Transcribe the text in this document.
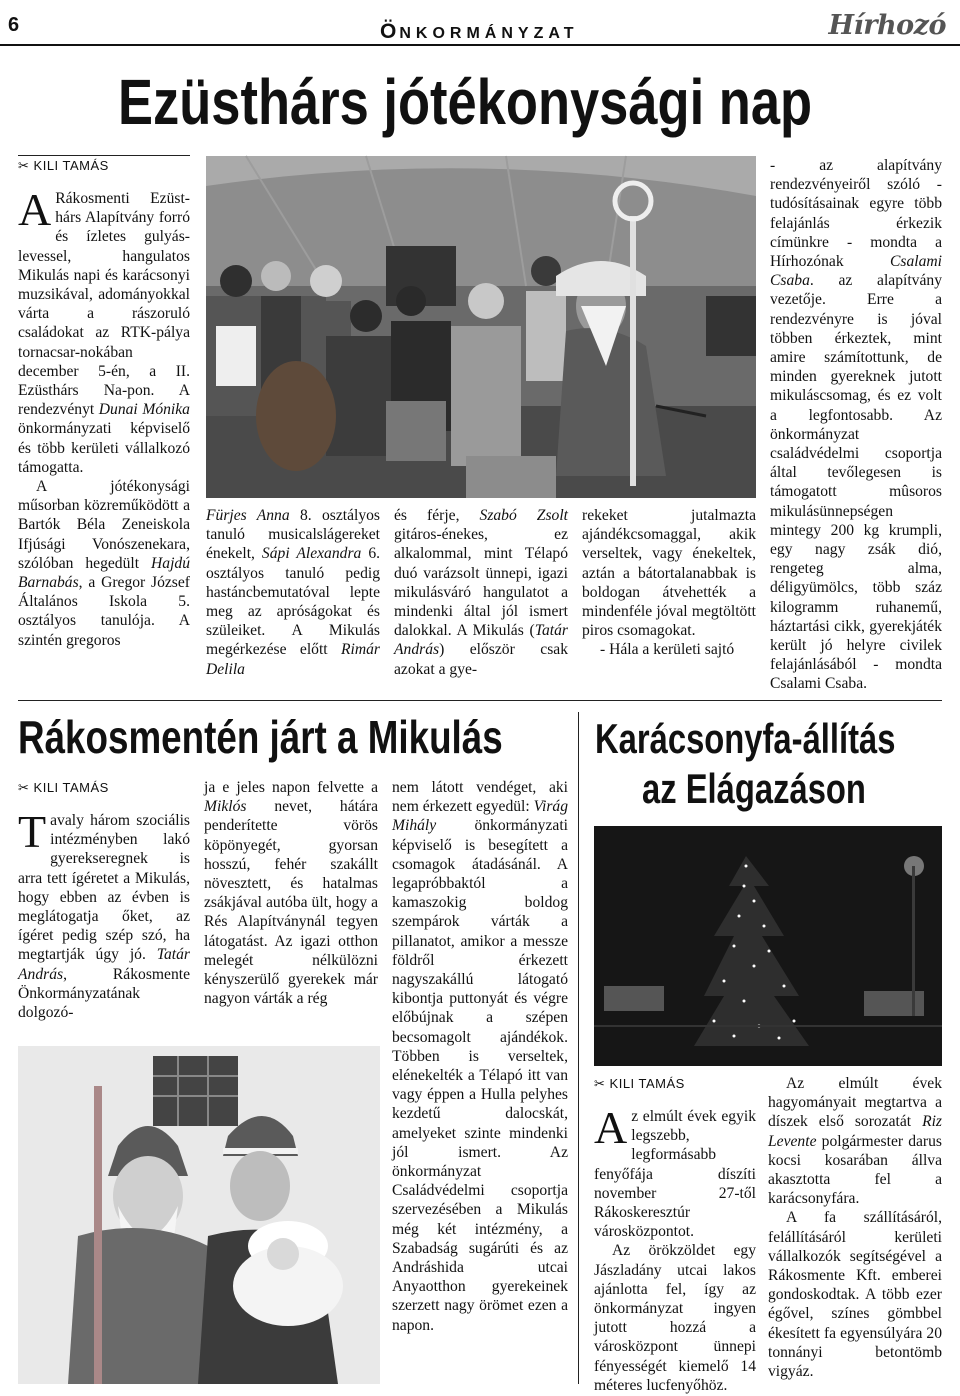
6	ÖNKORMÁNYZAT	Hírhozó
Ezüsthárs jótékonysági nap
✂ KILI TAMÁS

A Rákosmenti Ezüst-hárs Alapítvány forró és ízletes gulyás-levessel, hangulatos Mikulás napi és karácsonyi muzsikával, adományokkal várta a rászoruló családokat az RTK-pálya tornacsar-nokában december 5-én, a II. Ezüsthárs Na-pon. A rendezvényt Dunai Mónika önkormányzati képviselő és több kerületi vállalkozó támogatta.

A jótékonysági műsorban közreműködött a Bartók Béla Zeneiskola Ifjúsági Vonószenekara, szólóban hegedült Hajdú Barnabás, a Gregor József Általános Iskola 5. osztályos tanulója. A szintén gregoros

Fürjes Anna 8. osztályos tanuló musicalslágereket énekelt, Sápi Alexandra 6. osztályos tanuló pedig hastáncbemutatóval lepte meg az apróságokat és szüleiket. A Mikulás megérkezése előtt Rimár Delila

és férje, Szabó Zsolt gitáros-énekes, ez alkalommal, mint Télapó duó varázsolt ünnepi, igazi mikulásváró hangulatot a mindenki által jól ismert dalokkal. A Mikulás (Tatár András) először csak azokat a gye-

rekeket jutalmazta ajándékcsomaggal, akik verseltek, vagy énekeltek, aztán a bátortalanabbak is boldogan átvehették a mindenféle jóval megtöltött piros csomagokat.

- Hála a kerületi sajtó

- az alapítvány rendezvényeiről szóló - tudósításainak egyre több felajánlás érkezik címünkre - mondta a Hírhozónak	Csalami Csaba. az alapítvány vezetője. Erre a rendezvényre is jóval többen érkeztek, mint amire számítottunk, de minden gyereknek jutott mikuláscsomag, és ez volt a legfontosabb. Az önkormányzat családvédelmi csoportja által tevőlegesen is támogatott mûsoros mikulásünnepségen mintegy 200 kg krumpli, egy nagy zsák dió, rengeteg alma, déligyümölcs, több száz kilogramm ruhanemű, háztartási cikk, gyerekjáték került jó helyre civilek felajánlásából - mondta Csalami Csaba.

Rákosmentén járt a Mikulás
✂ KILI TAMÁS

Tavaly három szociális intézményben lakó gyerekseregnek is arra tett ígéretet a Mikulás, hogy ebben az évben is meglátogatja őket, az ígéret pedig szép szó, ha megtartják úgy jó. Tatár András, Rákosmente Önkormányzatának dolgozó-

ja e jeles napon felvette a Miklós nevet, hátára penderítette vörös köpönyegét, gyorsan hosszú, fehér szakállt növesztett, és hatalmas zsákjával autóba ült, hogy a Rés Alapítványnál tegyen látogatást. Az igazi otthon melegét nélkülözni kényszerülő gyerekek már nagyon várták a rég

nem látott vendéget, aki nem érkezett egyedül: Virág Mihály önkormányzati képviselő is besegített a csomagok átadásánál. A legapróbbaktól a kamaszokig boldog szempárok várták a pillanatot, amikor a messze földről érkezett nagyszakállú látogató kibontja puttonyát és végre előbújnak a szépen becsomagolt ajándékok. Többen is verseltek, elénekelték a Télapó itt van vagy éppen a Hulla pelyhes kezdetű dalocskát, amelyeket szinte mindenki jól ismert. Az önkormányzat Családvédelmi csoportja szervezésében a Mikulás még két intézmény, a Szabadság sugárúti és az Andráshida utcai Anyaotthon gyerekeinek szerzett nagy örömet ezen a napon.

Karácsonyfa-állítás
az Elágazáson
✂ KILI TAMÁS

Az elmúlt évek egyik legszebb, legformásabb fenyőfája díszíti november 27-től Rákoskeresztúr városközpontot.

Az örökzöldet egy Jászladány utcai lakos ajánlotta fel, így az önkormányzat ingyen jutott hozzá a városközpont ünnepi fényességét kiemelő 14 méteres lucfenyőhöz.

Az elmúlt évek hagyományait megtartva a díszek első sorozatát Riz Levente polgármester darus kocsi kosarában állva akasztotta fel a karácsonyfára.

A fa szállításáról, felállításáról kerületi vállalkozók segítségével a Rákosmente Kft. emberei gondoskodtak. A több ezer égővel, színes gömbbel ékesített fa egyensúlyára 20 tonnányi betontömb vigyáz.
